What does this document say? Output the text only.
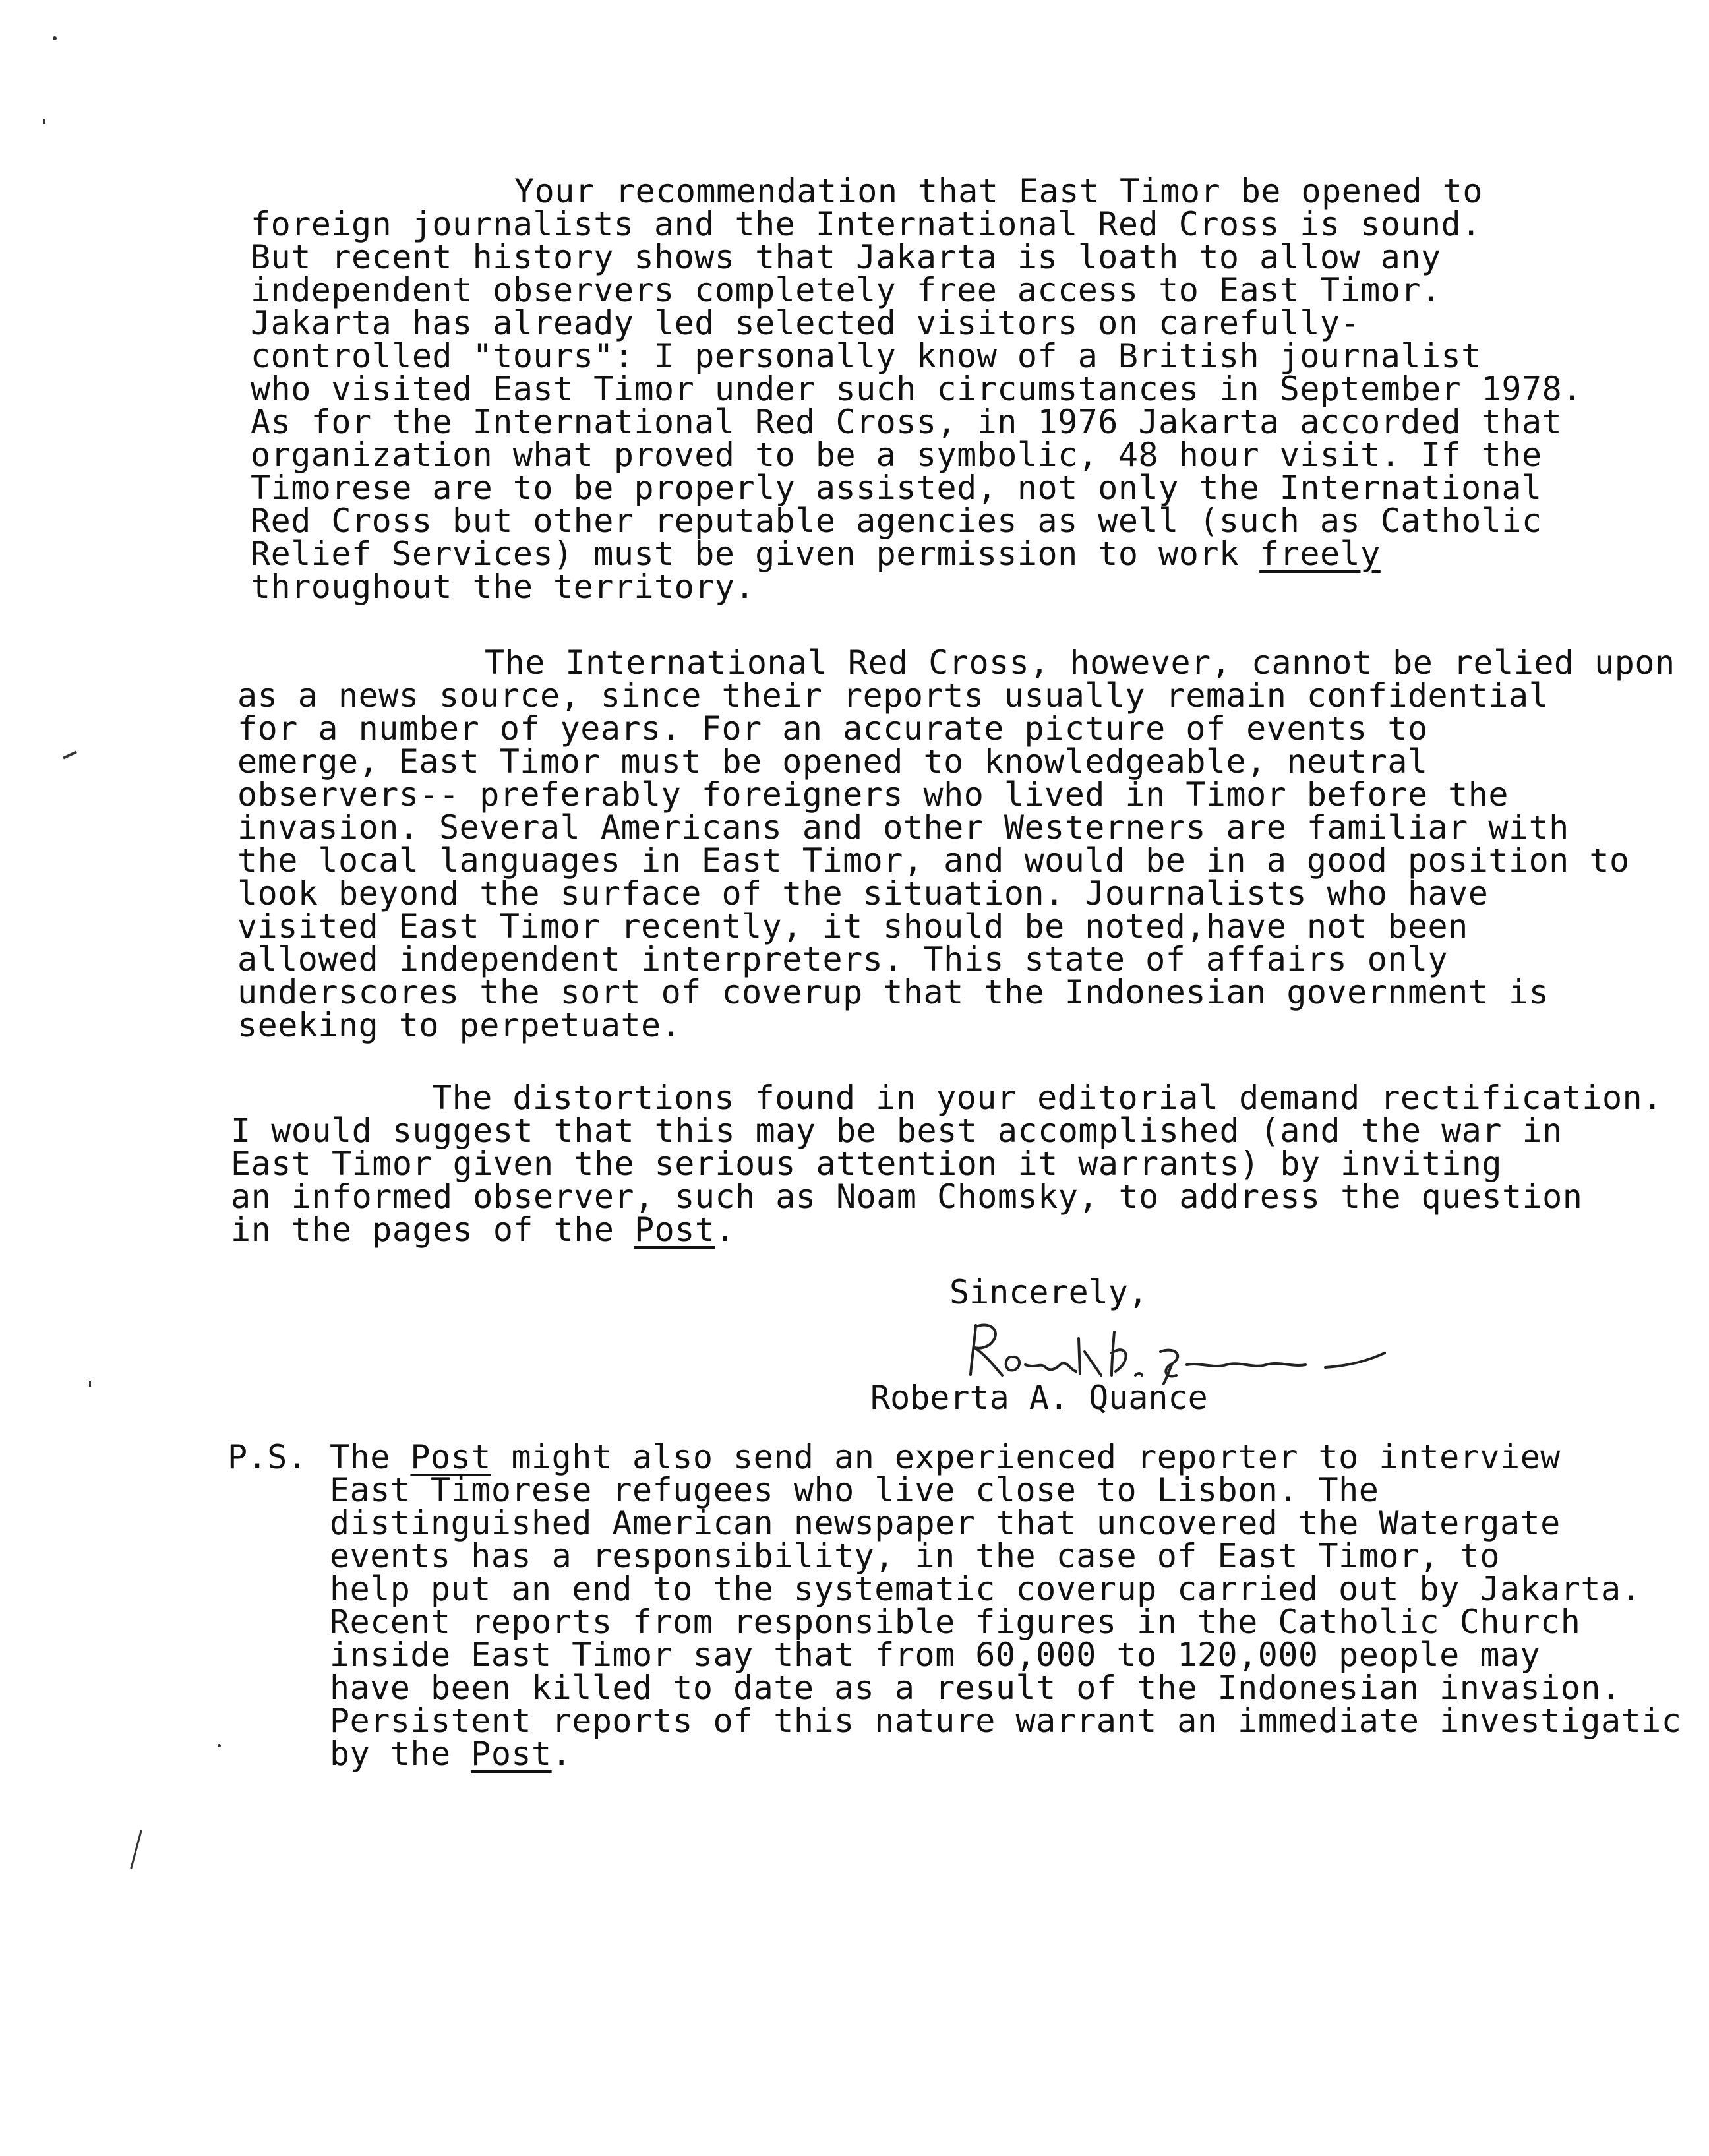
Your recommendation that East Timor be opened to
foreign journalists and the International Red Cross is sound.
But recent history shows that Jakarta is loath to allow any
independent observers completely free access to East Timor.
Jakarta has already led selected visitors on carefully-
controlled "tours": I personally know of a British journalist
who visited East Timor under such circumstances in September 1978.
As for the International Red Cross, in 1976 Jakarta accorded that
organization what proved to be a symbolic, 48 hour visit. If the
Timorese are to be properly assisted, not only the International
Red Cross but other reputable agencies as well (such as Catholic
Relief Services) must be given permission to work freely
throughout the territory.
The International Red Cross, however, cannot be relied upon
as a news source, since their reports usually remain confidential
for a number of years. For an accurate picture of events to
emerge, East Timor must be opened to knowledgeable, neutral
observers-- preferably foreigners who lived in Timor before the
invasion. Several Americans and other Westerners are familiar with
the local languages in East Timor, and would be in a good position to
look beyond the surface of the situation. Journalists who have
visited East Timor recently, it should be noted,have not been
allowed independent interpreters. This state of affairs only
underscores the sort of coverup that the Indonesian government is
seeking to perpetuate.
The distortions found in your editorial demand rectification.
I would suggest that this may be best accomplished (and the war in
East Timor given the serious attention it warrants) by inviting
an informed observer, such as Noam Chomsky, to address the question
in the pages of the Post.
Sincerely,
Roberta A. Quance
P.S. The Post might also send an experienced reporter to interview
East Timorese refugees who live close to Lisbon. The
distinguished American newspaper that uncovered the Watergate
events has a responsibility, in the case of East Timor, to
help put an end to the systematic coverup carried out by Jakarta.
Recent reports from responsible figures in the Catholic Church
inside East Timor say that from 60,000 to 120,000 people may
have been killed to date as a result of the Indonesian invasion.
Persistent reports of this nature warrant an immediate investigatic
by the Post.
